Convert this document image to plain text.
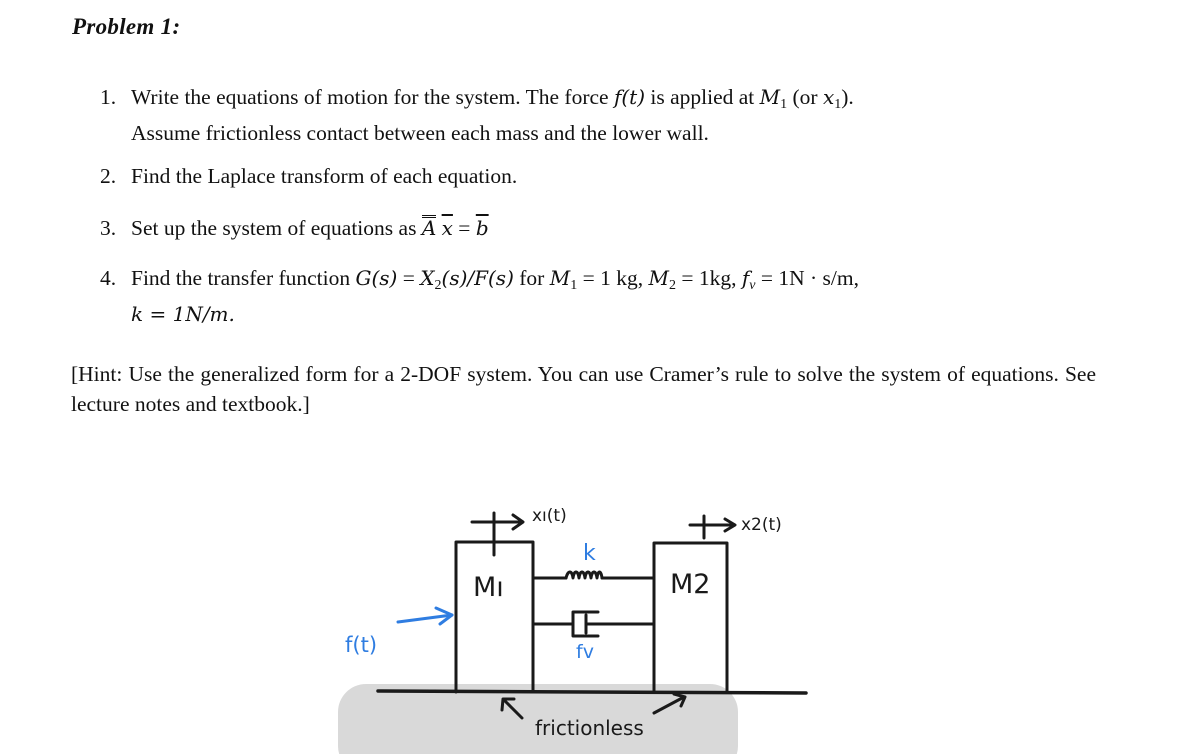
Problem 1:
1. Write the equations of motion for the system. The force f(t) is applied at $M_1$ (or $x_1$).
Assume frictionless contact between each mass and the lower wall.
2. Find the Laplace transform of each equation.
3. Set up the system of equations as A $\overline{x} = \overline{b}$
4. Find the transfer function $G(s) = X_2(s)/F(s)$ for $M_1 = 1$ kg, $M_2 = 1kg$, fv = 1N · s/m,
k = 1N/m.
[Hint: Use the generalized form for a 2-DOF system. You can use Cramer’s rule to solve the system of equations. See lecture notes and textbook.]
Mı	M2
xı(t)	x2(t)
k
fv
f(t)
frictionless
